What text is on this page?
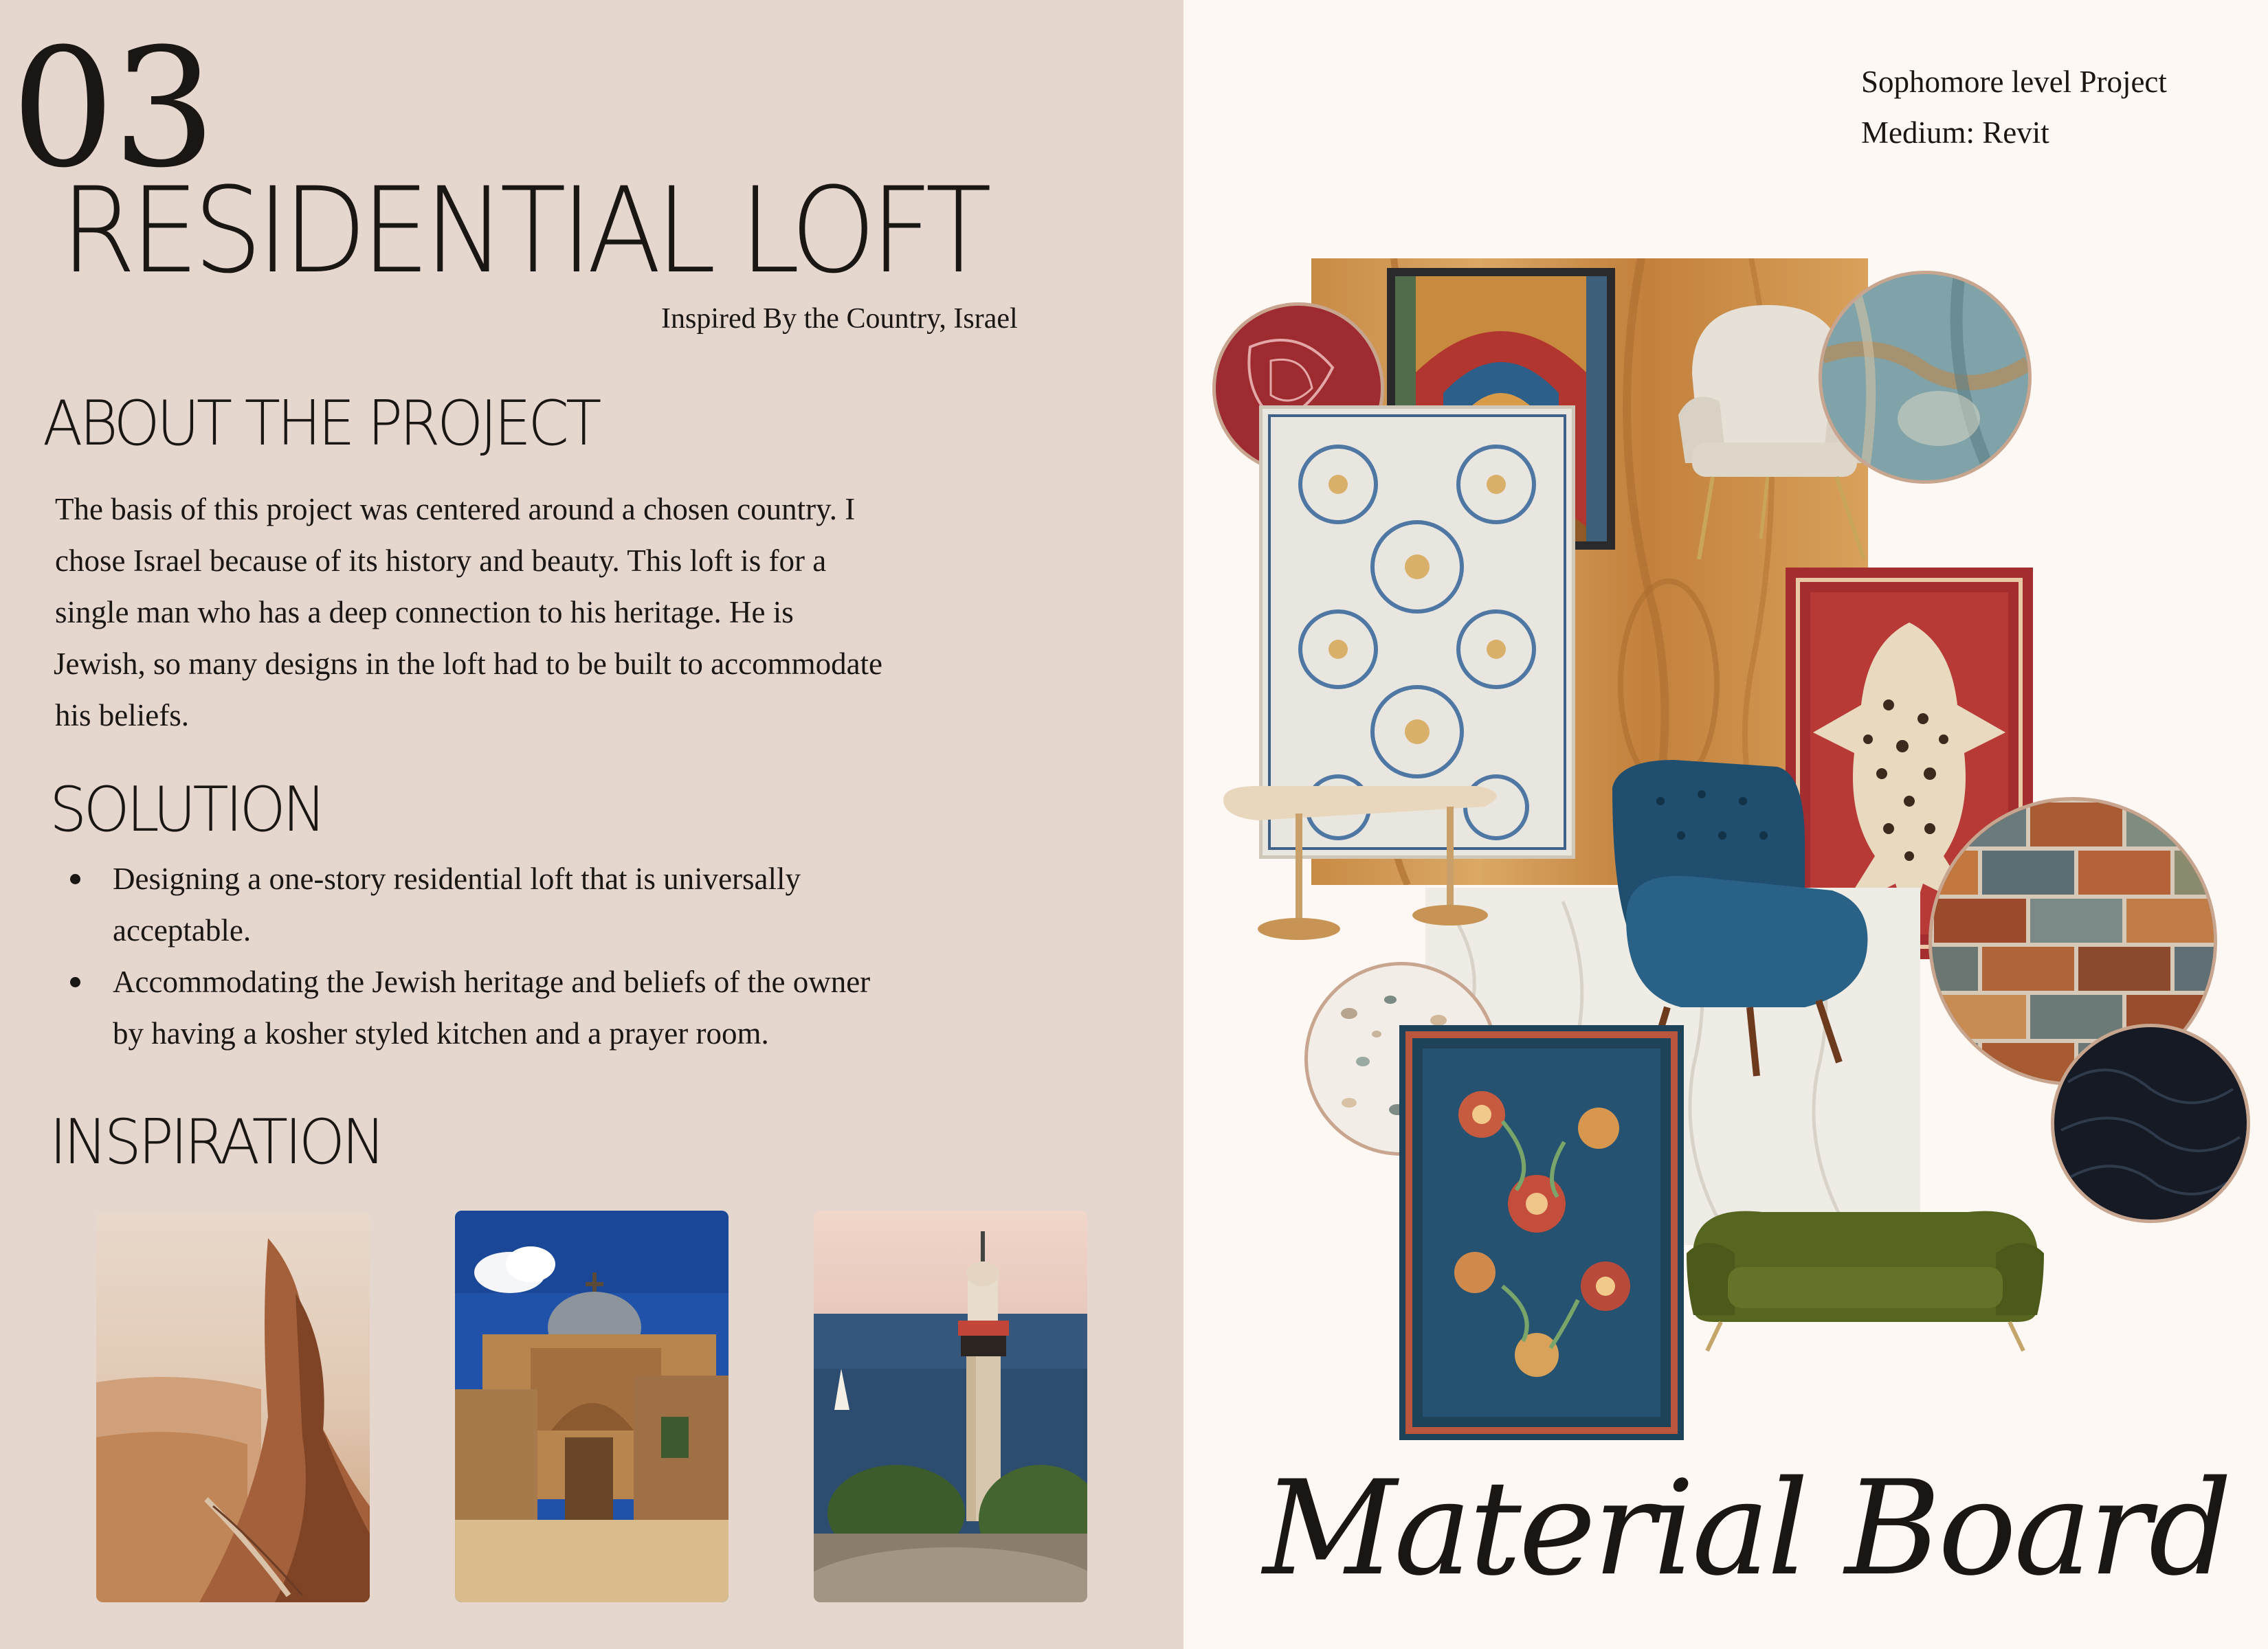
03
RESIDENTIAL LOFT
Inspired By the Country, Israel
ABOUT THE PROJECT
The basis of this project was centered around a chosen country. I
chose Israel because of its history and beauty. This loft is for a
single man who has a deep connection to his heritage. He is
Jewish, so many designs in the loft had to be built to accommodate
his beliefs.
SOLUTION
Designing a one-story residential loft that is universally
acceptable.
Accommodating the Jewish heritage and beliefs of the owner
by having a kosher styled kitchen and a prayer room.
INSPIRATION
Sophomore level Project
Medium: Revit
Material Board
